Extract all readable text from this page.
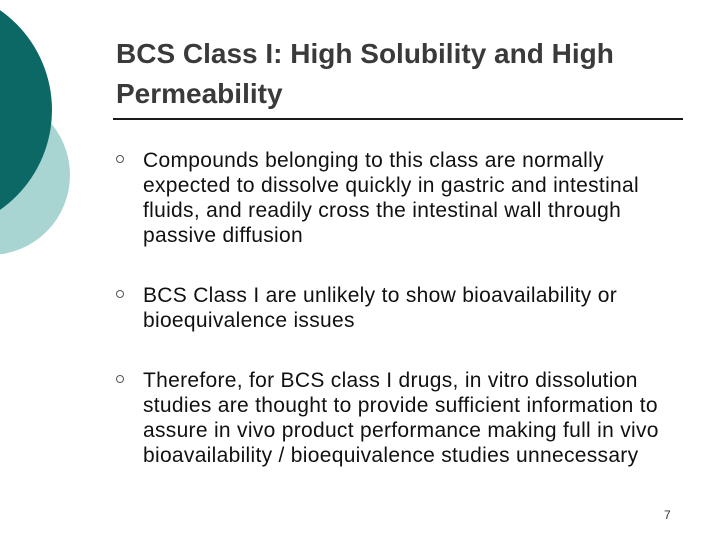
BCS Class I: High Solubility and High Permeability
Compounds belonging to this class are normally expected to dissolve quickly in gastric and intestinal fluids, and readily cross the intestinal wall through passive diffusion
BCS Class I are unlikely to show bioavailability or bioequivalence issues
Therefore, for BCS class I drugs, in vitro dissolution studies are thought to provide sufficient information to assure in vivo product performance making full in vivo bioavailability / bioequivalence studies unnecessary
7
